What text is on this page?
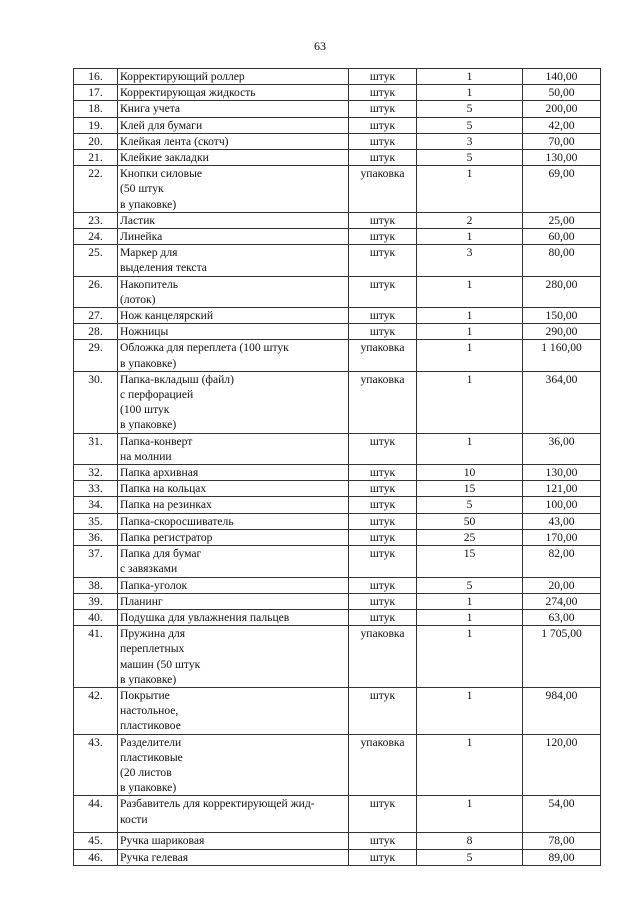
63
16.	Корректирующий роллер	штук	1	140,00
17.	Корректирующая жидкость	штук	1	50,00
18.	Книга учета	штук	5	200,00
19.	Клей для бумаги	штук	5	42,00
20.	Клейкая лента (скотч)	штук	3	70,00
21.	Клейкие закладки	штук	5	130,00
22.	Кнопки силовые
(50 штук
в упаковке)	упаковка	1	69,00
23.	Ластик	штук	2	25,00
24.	Линейка	штук	1	60,00
25.	Маркер для
выделения текста	штук	3	80,00
26.	Накопитель
(лоток)	штук	1	280,00
27.	Нож канцелярский	штук	1	150,00
28.	Ножницы	штук	1	290,00
29.	Обложка для переплета (100 штук
в упаковке)	упаковка	1	1 160,00
30.	Папка-вкладыш (файл)
с перфорацией
(100 штук
в упаковке)	упаковка	1	364,00
31.	Папка-конверт
на молнии	штук	1	36,00
32.	Папка архивная	штук	10	130,00
33.	Папка на кольцах	штук	15	121,00
34.	Папка на резинках	штук	5	100,00
35.	Папка-скоросшиватель	штук	50	43,00
36.	Папка регистратор	штук	25	170,00
37.	Папка для бумаг
с завязками	штук	15	82,00
38.	Папка-уголок	штук	5	20,00
39.	Планинг	штук	1	274,00
40.	Подушка для увлажнения пальцев	штук	1	63,00
41.	Пружина для
переплетных
машин (50 штук
в упаковке)	упаковка	1	1 705,00
42.	Покрытие
настольное,
пластиковое	штук	1	984,00
43.	Разделители
пластиковые
(20 листов
в упаковке)	упаковка	1	120,00
44.	Разбавитель для корректирующей жид-
кости	штук	1	54,00
45.	Ручка шариковая	штук	8	78,00
46.	Ручка гелевая	штук	5	89,00
